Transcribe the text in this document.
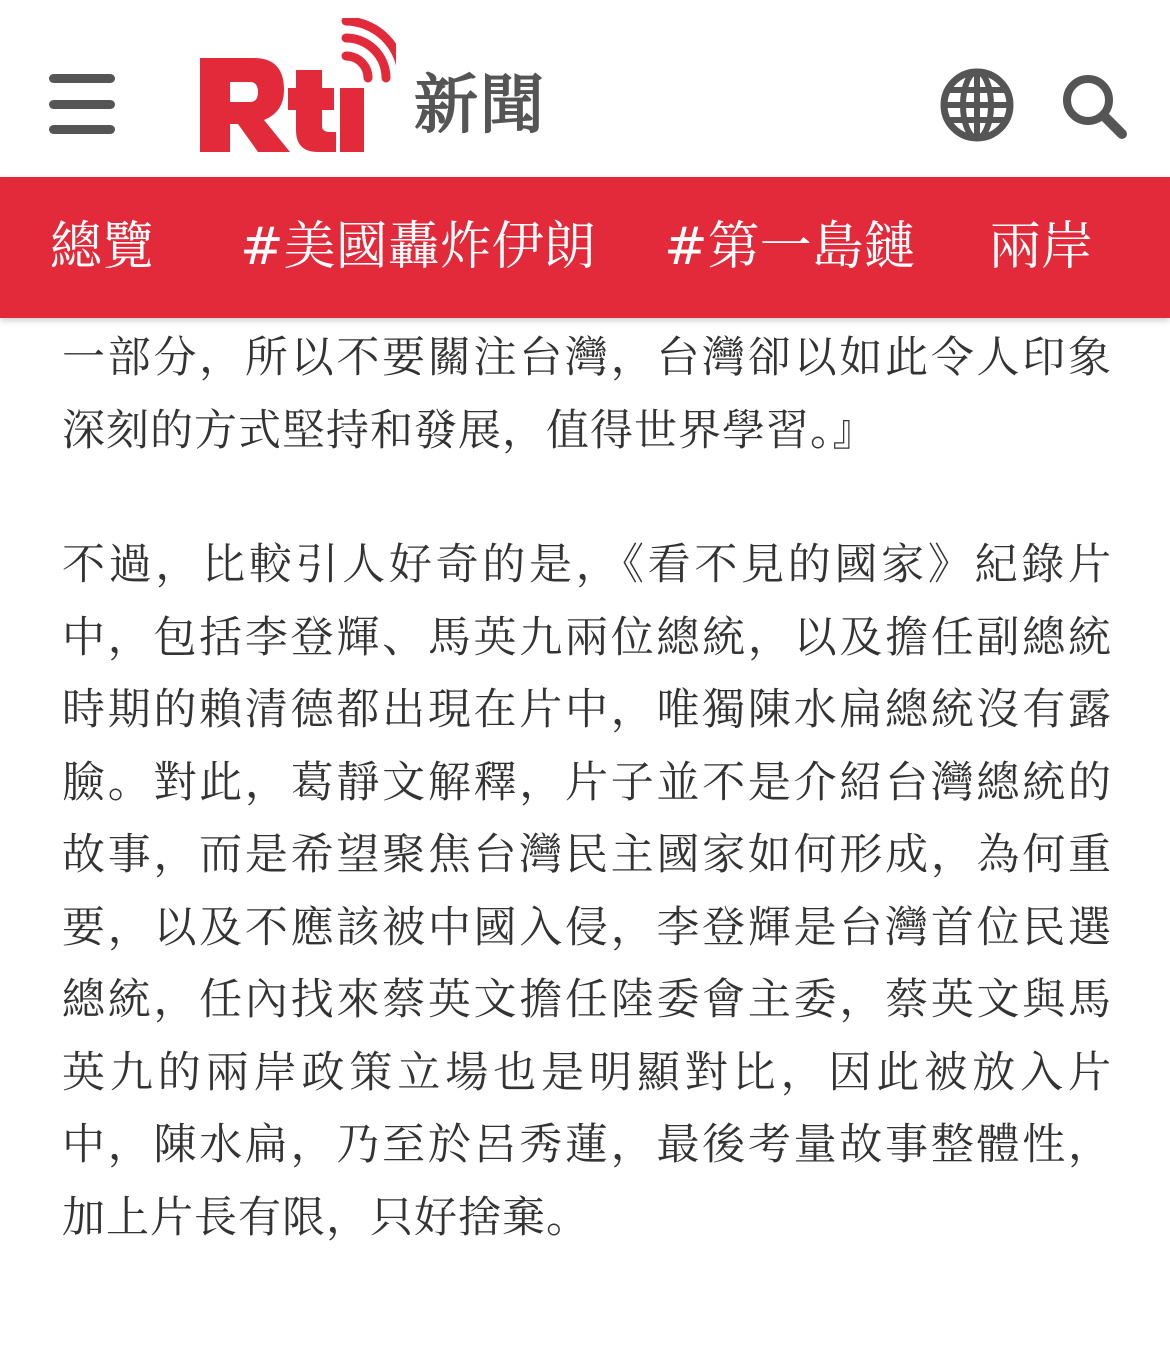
新聞
總覽 #美國轟炸伊朗 #第一島鏈 兩岸

一部分，所以不要關注台灣，台灣卻以如此令人印象深刻的方式堅持和發展，值得世界學習。』

不過，比較引人好奇的是，《看不見的國家》紀錄片中，包括李登輝、馬英九兩位總統，以及擔任副總統時期的賴清德都出現在片中，唯獨陳水扁總統沒有露臉。對此，葛靜文解釋，片子並不是介紹台灣總統的故事，而是希望聚焦台灣民主國家如何形成，為何重要，以及不應該被中國入侵，李登輝是台灣首位民選總統，任內找來蔡英文擔任陸委會主委，蔡英文與馬英九的兩岸政策立場也是明顯對比，因此被放入片中，陳水扁，乃至於呂秀蓮，最後考量故事整體性，加上片長有限，只好捨棄。
